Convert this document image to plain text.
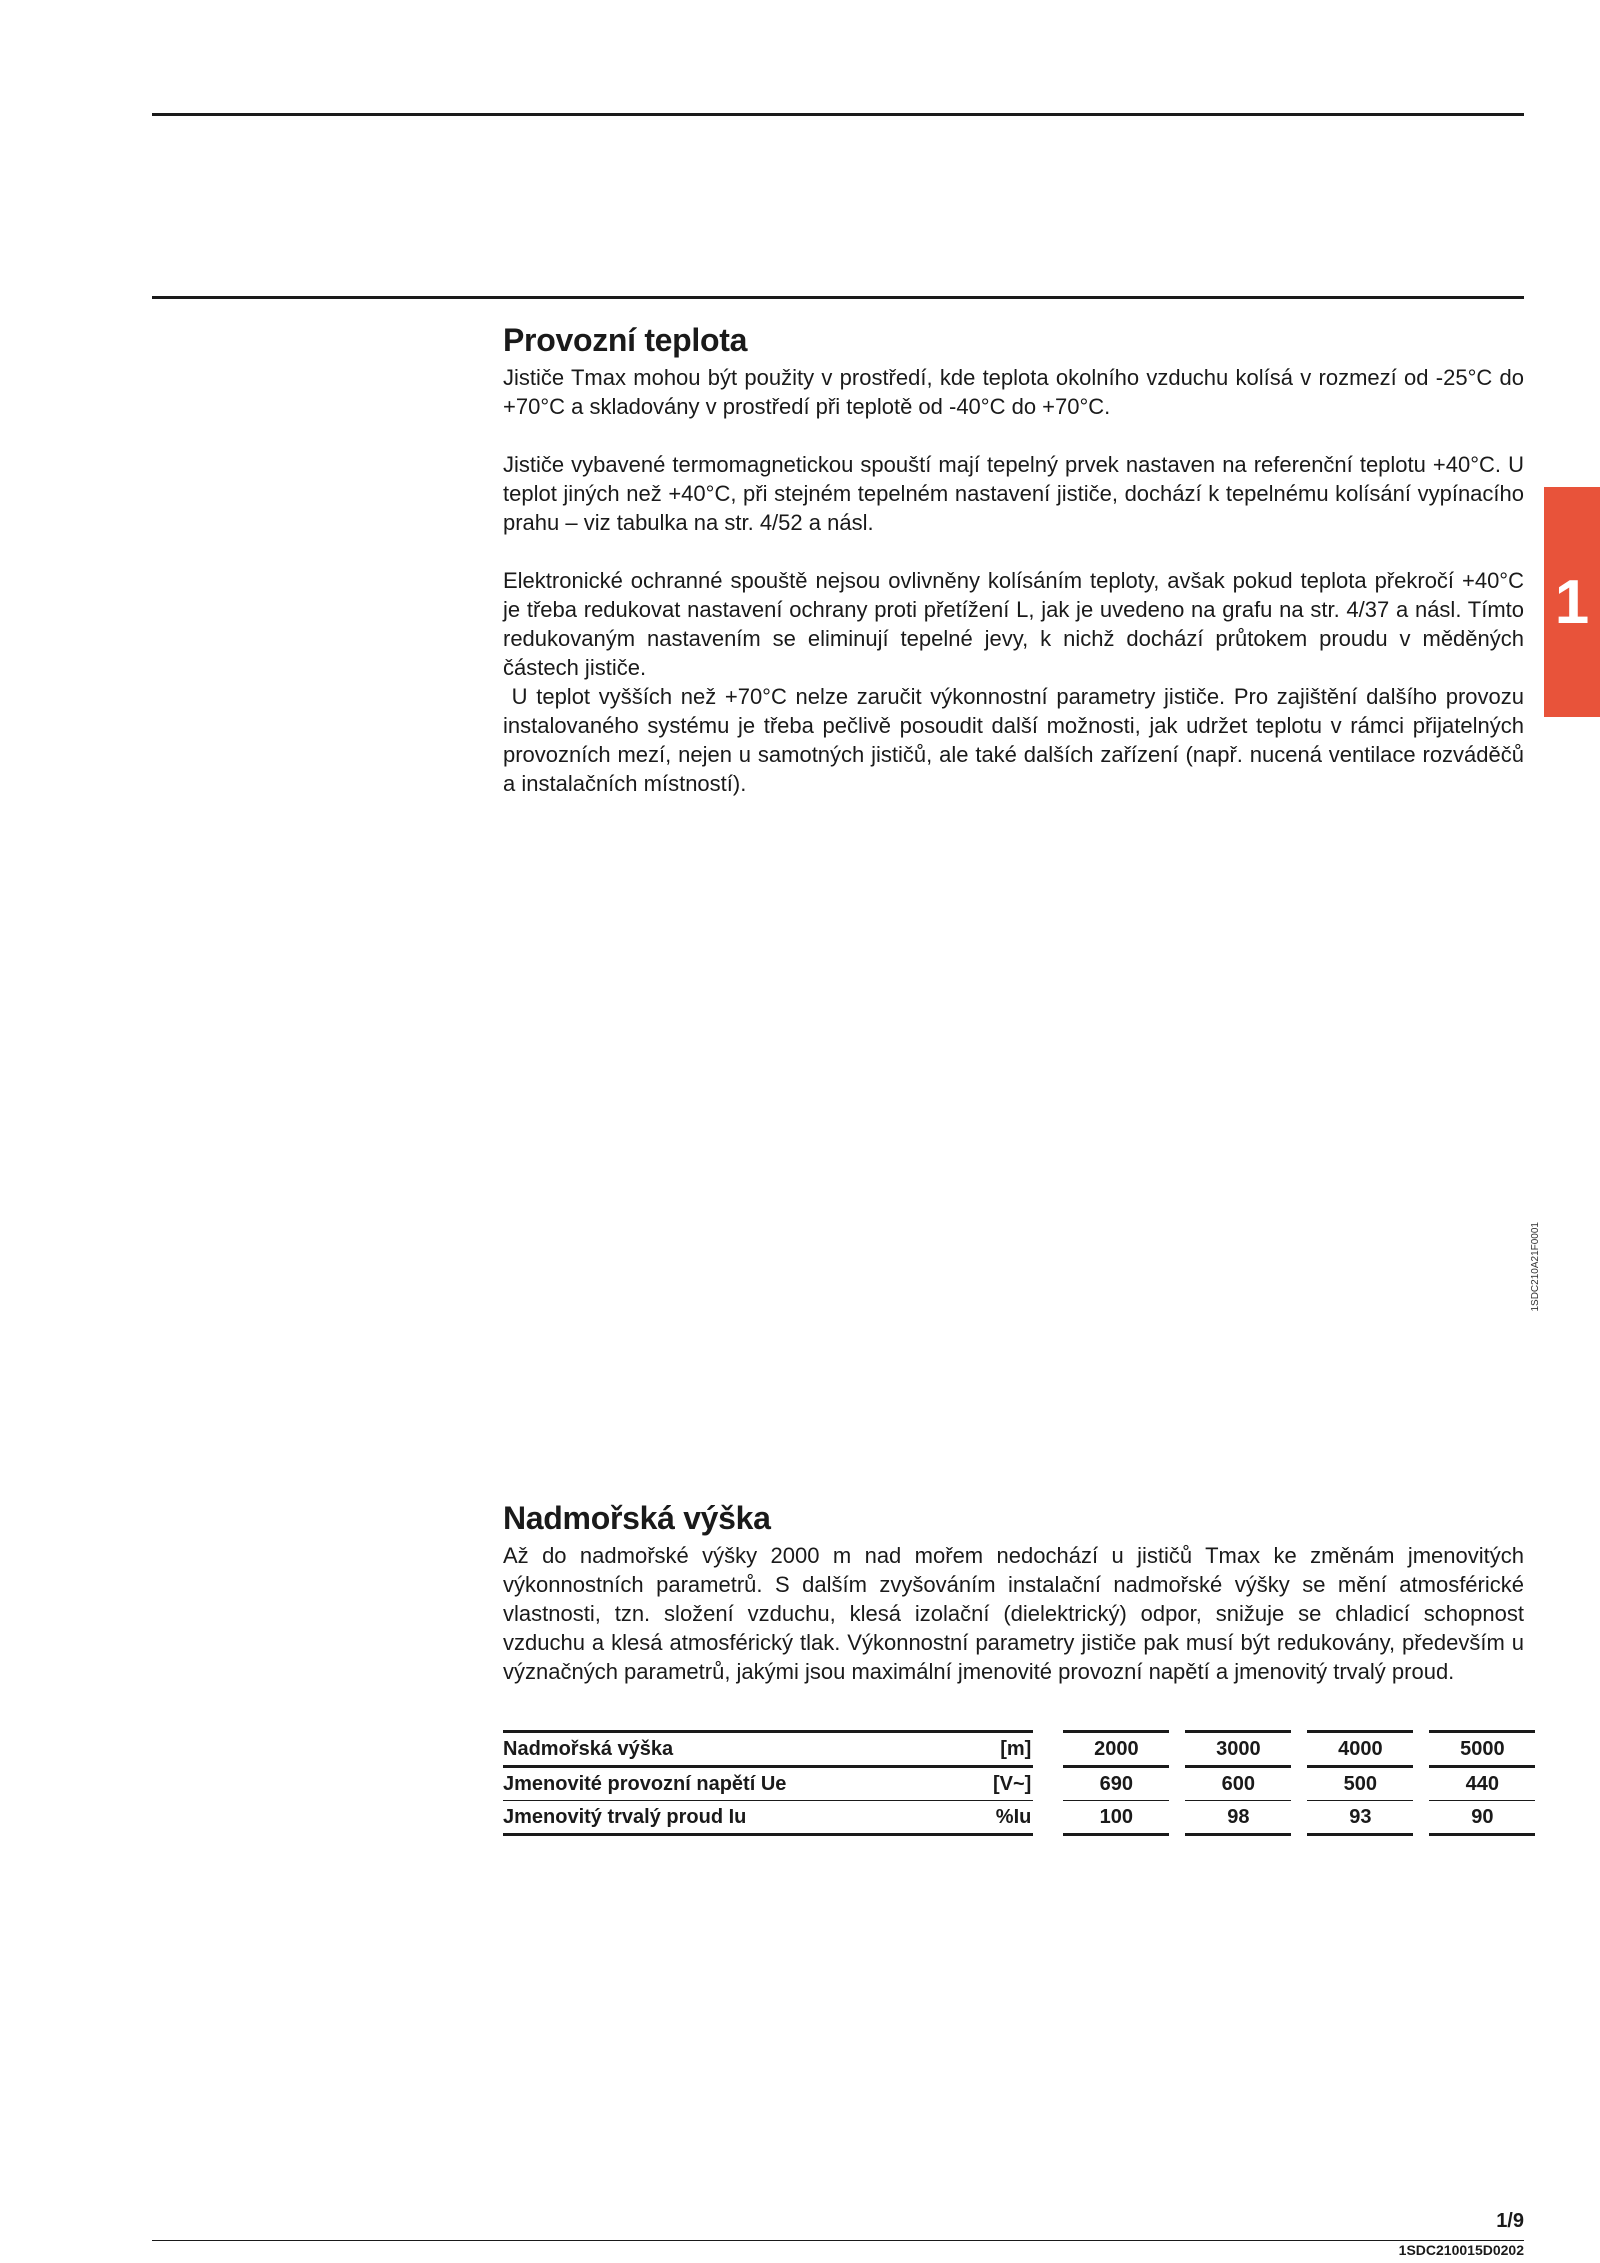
1
1SDC210A21F0001
Provozní teplota

Jističe Tmax mohou být použity v prostředí, kde teplota okolního vzduchu kolísá v rozmezí od -25°C do +70°C a skladovány v prostředí při teplotě od -40°C do +70°C.

Jističe vybavené termomagnetickou spouští mají tepelný prvek nastaven na referenční teplotu +40°C. U teplot jiných než +40°C, při stejném tepelném nastavení jističe, dochází k tepelnému kolísání vypínacího prahu – viz tabulka na str. 4/52 a násl.

Elektronické ochranné spouště nejsou ovlivněny kolísáním teploty, avšak pokud teplota překročí +40°C je třeba redukovat nastavení ochrany proti přetížení L, jak je uvedeno na grafu na str. 4/37 a násl. Tímto redukovaným nastavením se eliminují tepelné jevy, k nichž dochází průtokem proudu v měděných částech jističe.

U teplot vyšších než +70°C nelze zaručit výkonnostní parametry jističe. Pro zajištění dalšího provozu instalovaného systému je třeba pečlivě posoudit další možnosti, jak udržet teplotu v rámci přijatelných provozních mezí, nejen u samotných jističů, ale také dalších zařízení (např. nucená ventilace rozváděčů a instalačních místností).

Nadmořská výška

Až do nadmořské výšky 2000 m nad mořem nedochází u jističů Tmax ke změnám jmenovitých výkonnostních parametrů. S dalším zvyšováním instalační nadmořské výšky se mění atmosférické vlastnosti, tzn. složení vzduchu, klesá izolační (dielektrický) odpor, snižuje se chladicí schopnost vzduchu a klesá atmosférický tlak. Výkonnostní parametry jističe pak musí být redukovány, především u význačných parametrů, jakými jsou maximální jmenovité provozní napětí a jmenovitý trvalý proud.

Nadmořská výška	[m]		2000		3000		4000		5000
Jmenovité provozní napětí Ue	[V~]		690		600		500		440
Jmenovitý trvalý proud Iu	%Iu		100		98		93		90
1/9
1SDC210015D0202
